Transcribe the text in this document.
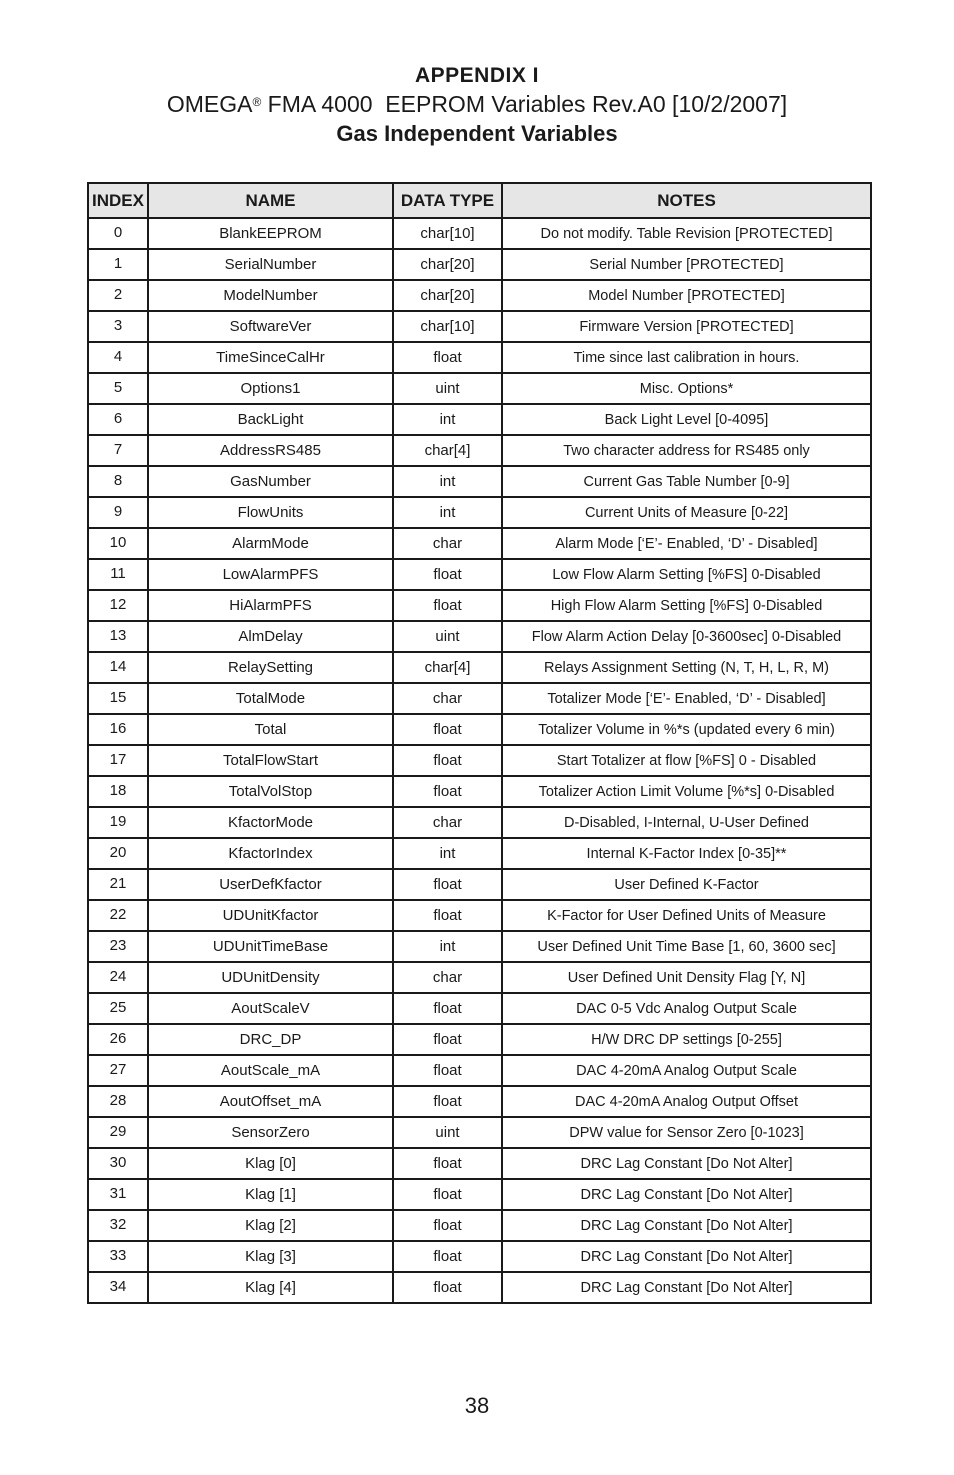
APPENDIX I
OMEGA® FMA 4000  EEPROM Variables Rev.A0 [10/2/2007]
Gas Independent Variables
INDEX	NAME	DATA TYPE	NOTES
0	BlankEEPROM	char[10]	Do not modify. Table Revision [PROTECTED]
1	SerialNumber	char[20]	Serial Number [PROTECTED]
2	ModelNumber	char[20]	Model Number [PROTECTED]
3	SoftwareVer	char[10]	Firmware Version [PROTECTED]
4	TimeSinceCalHr	float	Time since last calibration in hours.
5	Options1	uint	Misc. Options*
6	BackLight	int	Back Light Level [0-4095]
7	AddressRS485	char[4]	Two character address for RS485 only
8	GasNumber	int	Current Gas Table Number [0-9]
9	FlowUnits	int	Current Units of Measure [0-22]
10	AlarmMode	char	Alarm Mode [‘E’- Enabled, ‘D’ - Disabled]
11	LowAlarmPFS	float	Low Flow Alarm Setting [%FS] 0-Disabled
12	HiAlarmPFS	float	High Flow Alarm Setting [%FS] 0-Disabled
13	AlmDelay	uint	Flow Alarm Action Delay [0-3600sec] 0-Disabled
14	RelaySetting	char[4]	Relays Assignment Setting (N, T, H, L, R, M)
15	TotalMode	char	Totalizer Mode [‘E’- Enabled, ‘D’ - Disabled]
16	Total	float	Totalizer Volume in %*s (updated every 6 min)
17	TotalFlowStart	float	Start Totalizer at flow [%FS] 0 - Disabled
18	TotalVolStop	float	Totalizer Action Limit Volume [%*s] 0-Disabled
19	KfactorMode	char	D-Disabled, I-Internal, U-User Defined
20	KfactorIndex	int	Internal K-Factor Index [0-35]**
21	UserDefKfactor	float	User Defined K-Factor
22	UDUnitKfactor	float	K-Factor for User Defined Units of Measure
23	UDUnitTimeBase	int	User Defined Unit Time Base [1, 60, 3600 sec]
24	UDUnitDensity	char	User Defined Unit Density Flag [Y, N]
25	AoutScaleV	float	DAC 0-5 Vdc Analog Output Scale
26	DRC_DP	float	H/W DRC DP settings [0-255]
27	AoutScale_mA	float	DAC 4-20mA Analog Output Scale
28	AoutOffset_mA	float	DAC 4-20mA Analog Output Offset
29	SensorZero	uint	DPW value for Sensor Zero [0-1023]
30	Klag [0]	float	DRC Lag Constant [Do Not Alter]
31	Klag [1]	float	DRC Lag Constant [Do Not Alter]
32	Klag [2]	float	DRC Lag Constant [Do Not Alter]
33	Klag [3]	float	DRC Lag Constant [Do Not Alter]
34	Klag [4]	float	DRC Lag Constant [Do Not Alter]
38
